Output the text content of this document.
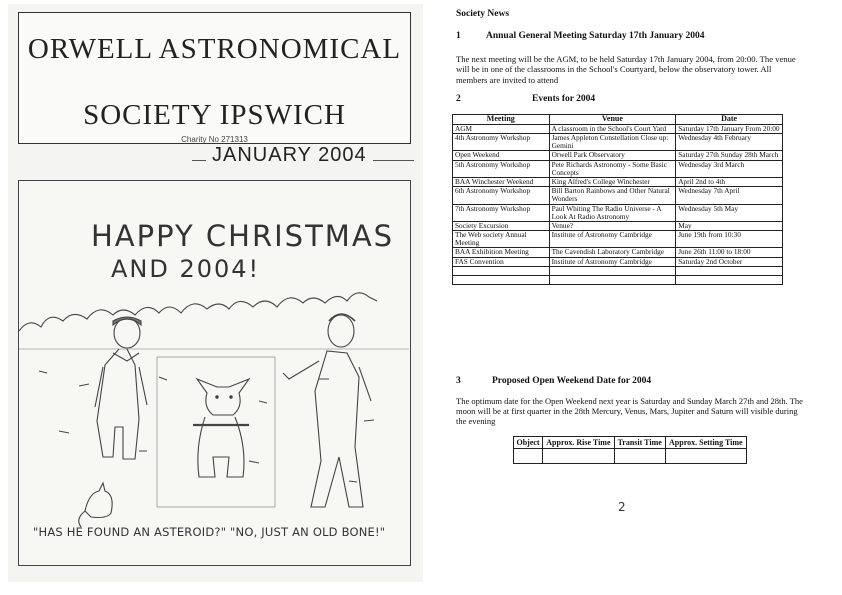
ORWELL ASTRONOMICAL
SOCIETY IPSWICH
Charity No 271313
JANUARY 2004
HAPPY CHRISTMAS
AND 2004!
"HAS HE FOUND AN ASTEROID?" "NO, JUST AN OLD BONE!"
Society News
1	Annual General Meeting Saturday 17th January 2004
The next meeting will be the AGM, to be held Saturday 17th January 2004, from 20:00. The venue will be in one of the classrooms in the School's Courtyard, below the observatory tower. All members are invited to attend
2	Events for 2004
Meeting	Venue	Date
AGM	A classroom in the School's Court Yard	Saturday 17th January From 20:00
4th Astronomy Workshop	James Appleton Constellation Close up: Gemini	Wednesday 4th February
Open Weekend	Orwell Park Observatory	Saturday 27th Sunday 28th March
5th Astronomy Workshop	Pete Richards Astronomy - Some Basic Concepts	Wednesday 3rd March
BAA Winchester Weekend	King Alfred's College Winchester	April 2nd to 4th
6th Astronomy Workshop	Bill Barton Rainbows and Other Natural Wonders	Wednesday 7th April
7th Astronomy Workshop	Paul Whiting The Radio Universe - A Look At Radio Astronomy	Wednesday 5th May
Society Excursion	Venue?	May
The Web society Annual Meeting	Institute of Astronomy Cambridge	June 19th from 10:30
BAA Exhibition Meeting	The Cavendish Laboratory Cambridge	June 26th 11:00 to 18:00
FAS Convention	Institute of Astronomy Cambridge	Saturday 2nd October

3	Proposed Open Weekend Date for 2004
The optimum date for the Open Weekend next year is Saturday and Sunday March 27th and 28th. The moon will be at first quarter in the 28th Mercury, Venus, Mars, Jupiter and Saturn will visible during the evening
Object	Approx. Rise Time	Transit Time	Approx. Setting Time

2
